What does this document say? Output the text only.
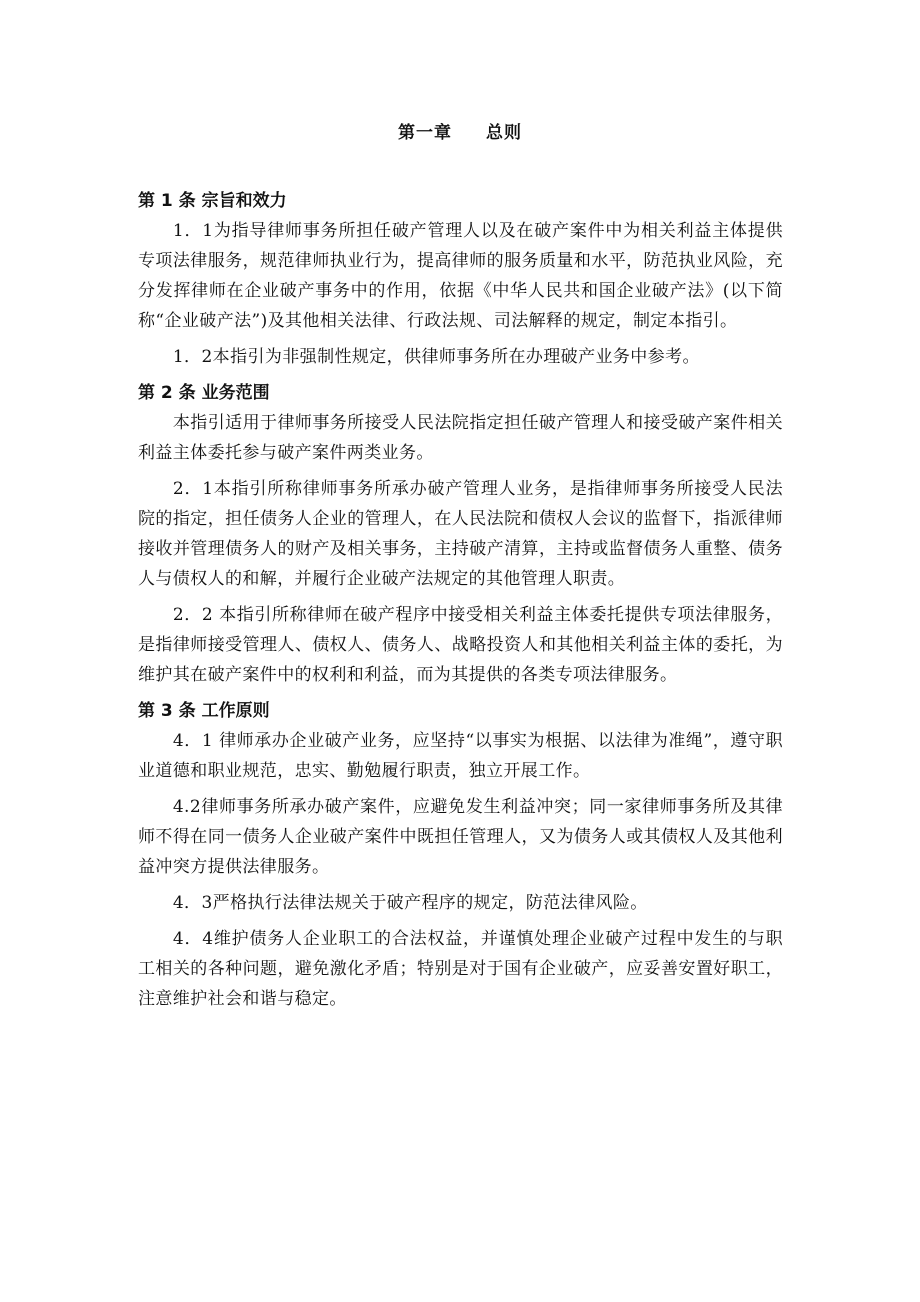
第一章 总则

第 1 条 宗旨和效力

1．1为指导律师事务所担任破产管理人以及在破产案件中为相关利益主体提供专项法律服务，规范律师执业行为，提高律师的服务质量和水平，防范执业风险，充分发挥律师在企业破产事务中的作用，依据《中华人民共和国企业破产法》(以下简称“企业破产法”)及其他相关法律、行政法规、司法解释的规定，制定本指引。

1．2本指引为非强制性规定，供律师事务所在办理破产业务中参考。

第 2 条 业务范围

本指引适用于律师事务所接受人民法院指定担任破产管理人和接受破产案件相关利益主体委托参与破产案件两类业务。

2．1本指引所称律师事务所承办破产管理人业务，是指律师事务所接受人民法院的指定，担任债务人企业的管理人，在人民法院和债权人会议的监督下，指派律师接收并管理债务人的财产及相关事务，主持破产清算，主持或监督债务人重整、债务人与债权人的和解，并履行企业破产法规定的其他管理人职责。

2．2 本指引所称律师在破产程序中接受相关利益主体委托提供专项法律服务，是指律师接受管理人、债权人、债务人、战略投资人和其他相关利益主体的委托，为维护其在破产案件中的权利和利益，而为其提供的各类专项法律服务。

第 3 条 工作原则

4．1 律师承办企业破产业务，应坚持“以事实为根据、以法律为准绳”，遵守职业道德和职业规范，忠实、勤勉履行职责，独立开展工作。

4.2律师事务所承办破产案件，应避免发生利益冲突；同一家律师事务所及其律师不得在同一债务人企业破产案件中既担任管理人，又为债务人或其债权人及其他利益冲突方提供法律服务。

4．3严格执行法律法规关于破产程序的规定，防范法律风险。

4．4维护债务人企业职工的合法权益，并谨慎处理企业破产过程中发生的与职工相关的各种问题，避免激化矛盾；特别是对于国有企业破产，应妥善安置好职工，注意维护社会和谐与稳定。
